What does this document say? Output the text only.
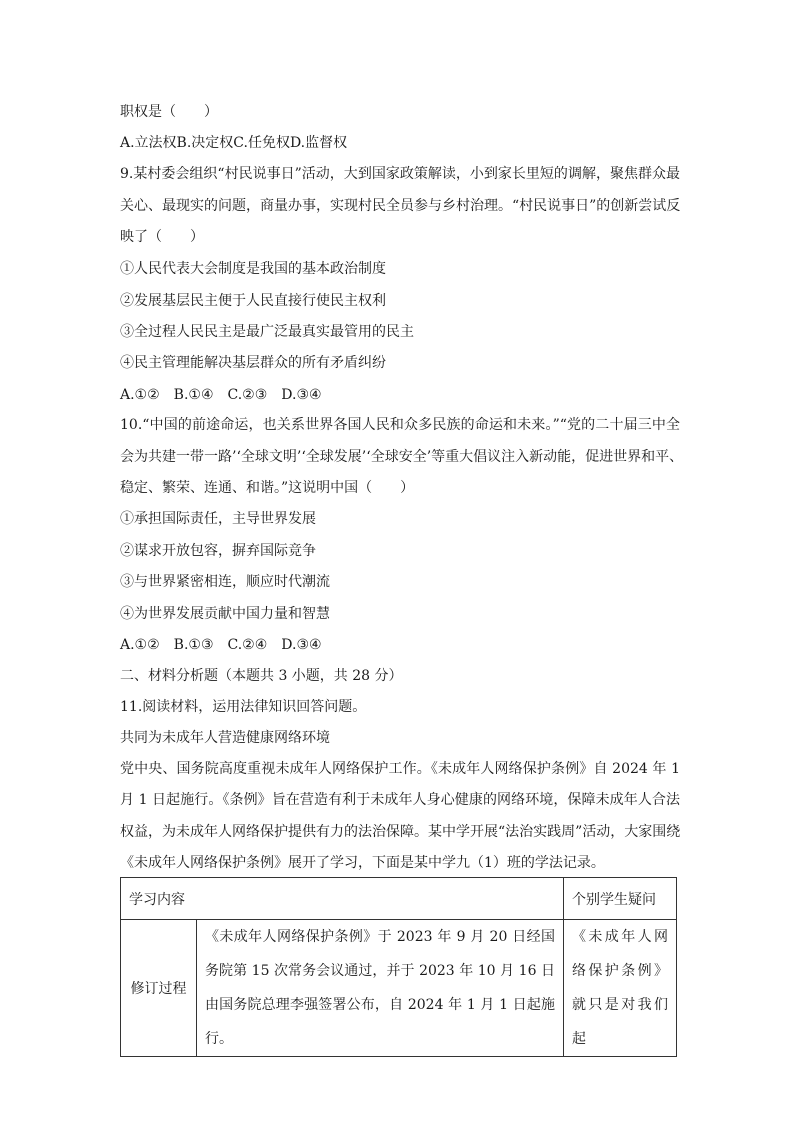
职权是（　　）
A.立法权B.决定权C.任免权D.监督权
9.某村委会组织“村民说事日”活动，大到国家政策解读，小到家长里短的调解，聚焦群众最
关心、最现实的问题，商量办事，实现村民全员参与乡村治理。“村民说事日”的创新尝试反
映了（　　）
①人民代表大会制度是我国的基本政治制度
②发展基层民主便于人民直接行使民主权利
③全过程人民民主是最广泛最真实最管用的民主
④民主管理能解决基层群众的所有矛盾纠纷
A.①②　B.①④　C.②③　D.③④
10.“中国的前途命运，也关系世界各国人民和众多民族的命运和未来。”“党的二十届三中全
会为共建一带一路’‘全球文明’‘全球发展’‘全球安全’等重大倡议注入新动能，促进世界和平、
稳定、繁荣、连通、和谐。”这说明中国（　　）
①承担国际责任，主导世界发展
②谋求开放包容，摒弃国际竞争
③与世界紧密相连，顺应时代潮流
④为世界发展贡献中国力量和智慧
A.①②　B.①③　C.②④　D.③④
二、材料分析题（本题共 3 小题，共 28 分）
11.阅读材料，运用法律知识回答问题。
共同为未成年人营造健康网络环境
党中央、国务院高度重视未成年人网络保护工作。《未成年人网络保护条例》自 2024 年 1
月 1 日起施行。《条例》旨在营造有利于未成年人身心健康的网络环境，保障未成年人合法
权益，为未成年人网络保护提供有力的法治保障。某中学开展“法治实践周”活动，大家围绕
《未成年人网络保护条例》展开了学习，下面是某中学九（1）班的学法记录。
学习内容		个别学生疑问
修订过程	《未成年人网络保护条例》于 2023 年 9 月 20 日经国务院第 15 次常务会议通过，并于 2023 年 10 月 16 日由国务院总理李强签署公布，自 2024 年 1 月 1 日起施行。	《未成年人网络保护条例》就只是对我们起
